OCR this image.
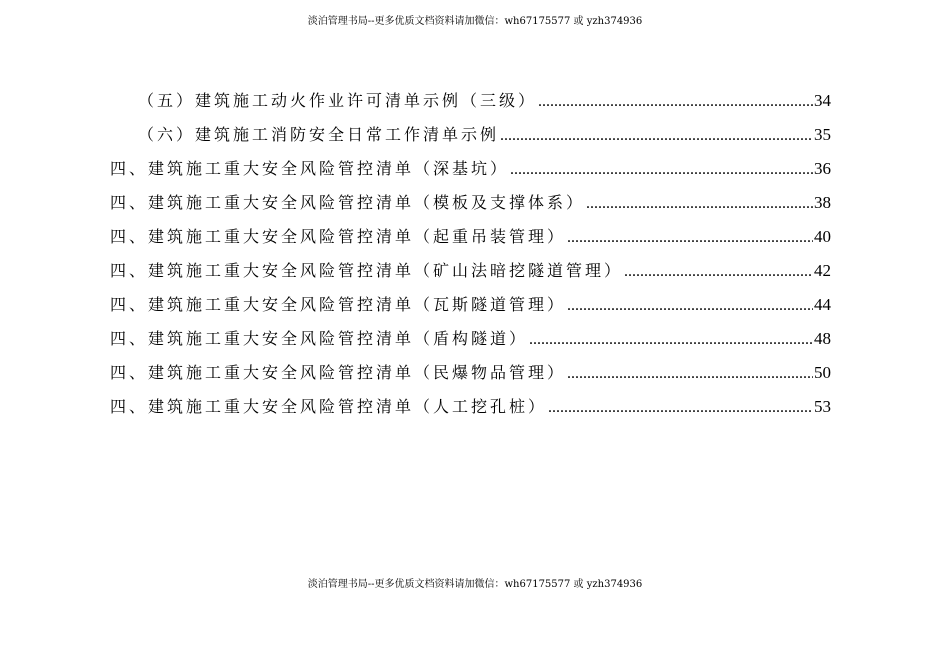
淡泊管理书局--更多优质文档资料请加微信：wh67175577 或 yzh374936
（五）建筑施工动火作业许可清单示例（三级） .....	34
（六）建筑施工消防安全日常工作清单示例 .....	35
四、建筑施工重大安全风险管控清单（深基坑） .....	36
四、建筑施工重大安全风险管控清单（模板及支撑体系） .....	38
四、建筑施工重大安全风险管控清单（起重吊装管理） .....	40
四、建筑施工重大安全风险管控清单（矿山法暗挖隧道管理） .....	42
四、建筑施工重大安全风险管控清单（瓦斯隧道管理） .....	44
四、建筑施工重大安全风险管控清单（盾构隧道） .....	48
四、建筑施工重大安全风险管控清单（民爆物品管理） .....	50
四、建筑施工重大安全风险管控清单（人工挖孔桩） .....	53
淡泊管理书局--更多优质文档资料请加微信：wh67175577 或 yzh374936
